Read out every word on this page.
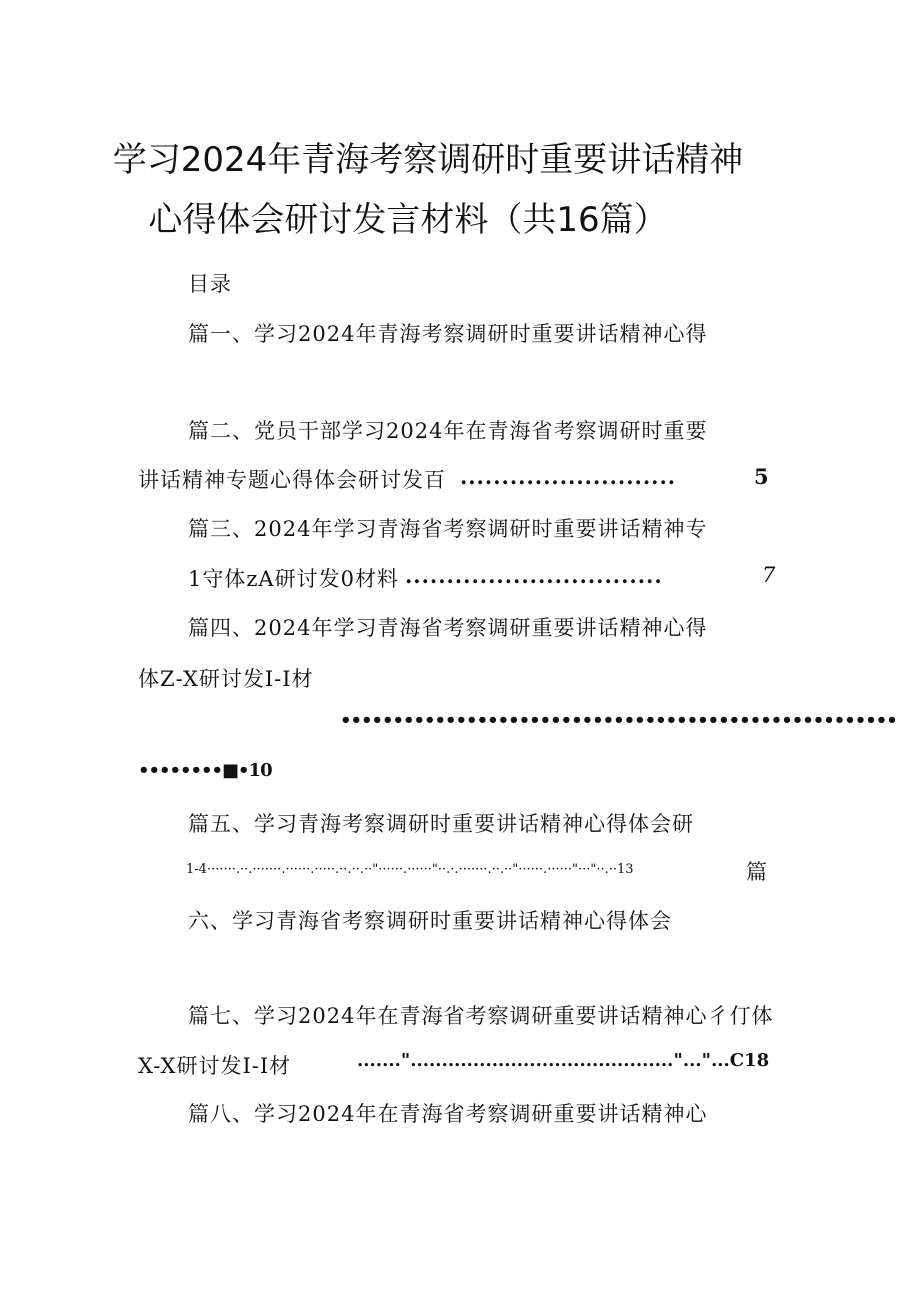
学习2024年青海考察调研时重要讲话精神
心得体会研讨发言材料（共16篇）
目录
篇一、学习2024年青海考察调研时重要讲话精神心得
篇二、党员干部学习2024年在青海省考察调研时重要
讲话精神专题心得体会研讨发百 ..........................	5
篇三、2024年学习青海省考察调研时重要讲话精神专
1守体zA研讨发0材料 ...............................	7
篇四、2024年学习青海省考察调研重要讲话精神心得
体Z-X研讨发I-I材
•••••••••••••••••••••••••••••••••••••••••••••••••••••
••••••••■•10
篇五、学习青海考察调研时重要讲话精神心得体会研
1-4·······.··.·······.······.·····.··.··.··"······.······"··.·.·······.··.··"······.······"···"··.··13	篇
六、学习青海省考察调研时重要讲话精神心得体会
篇七、学习2024年在青海省考察调研重要讲话精神心彳仃体
X-X研讨发I-I材	.......".........................................."..."...C18
篇八、学习2024年在青海省考察调研重要讲话精神心
